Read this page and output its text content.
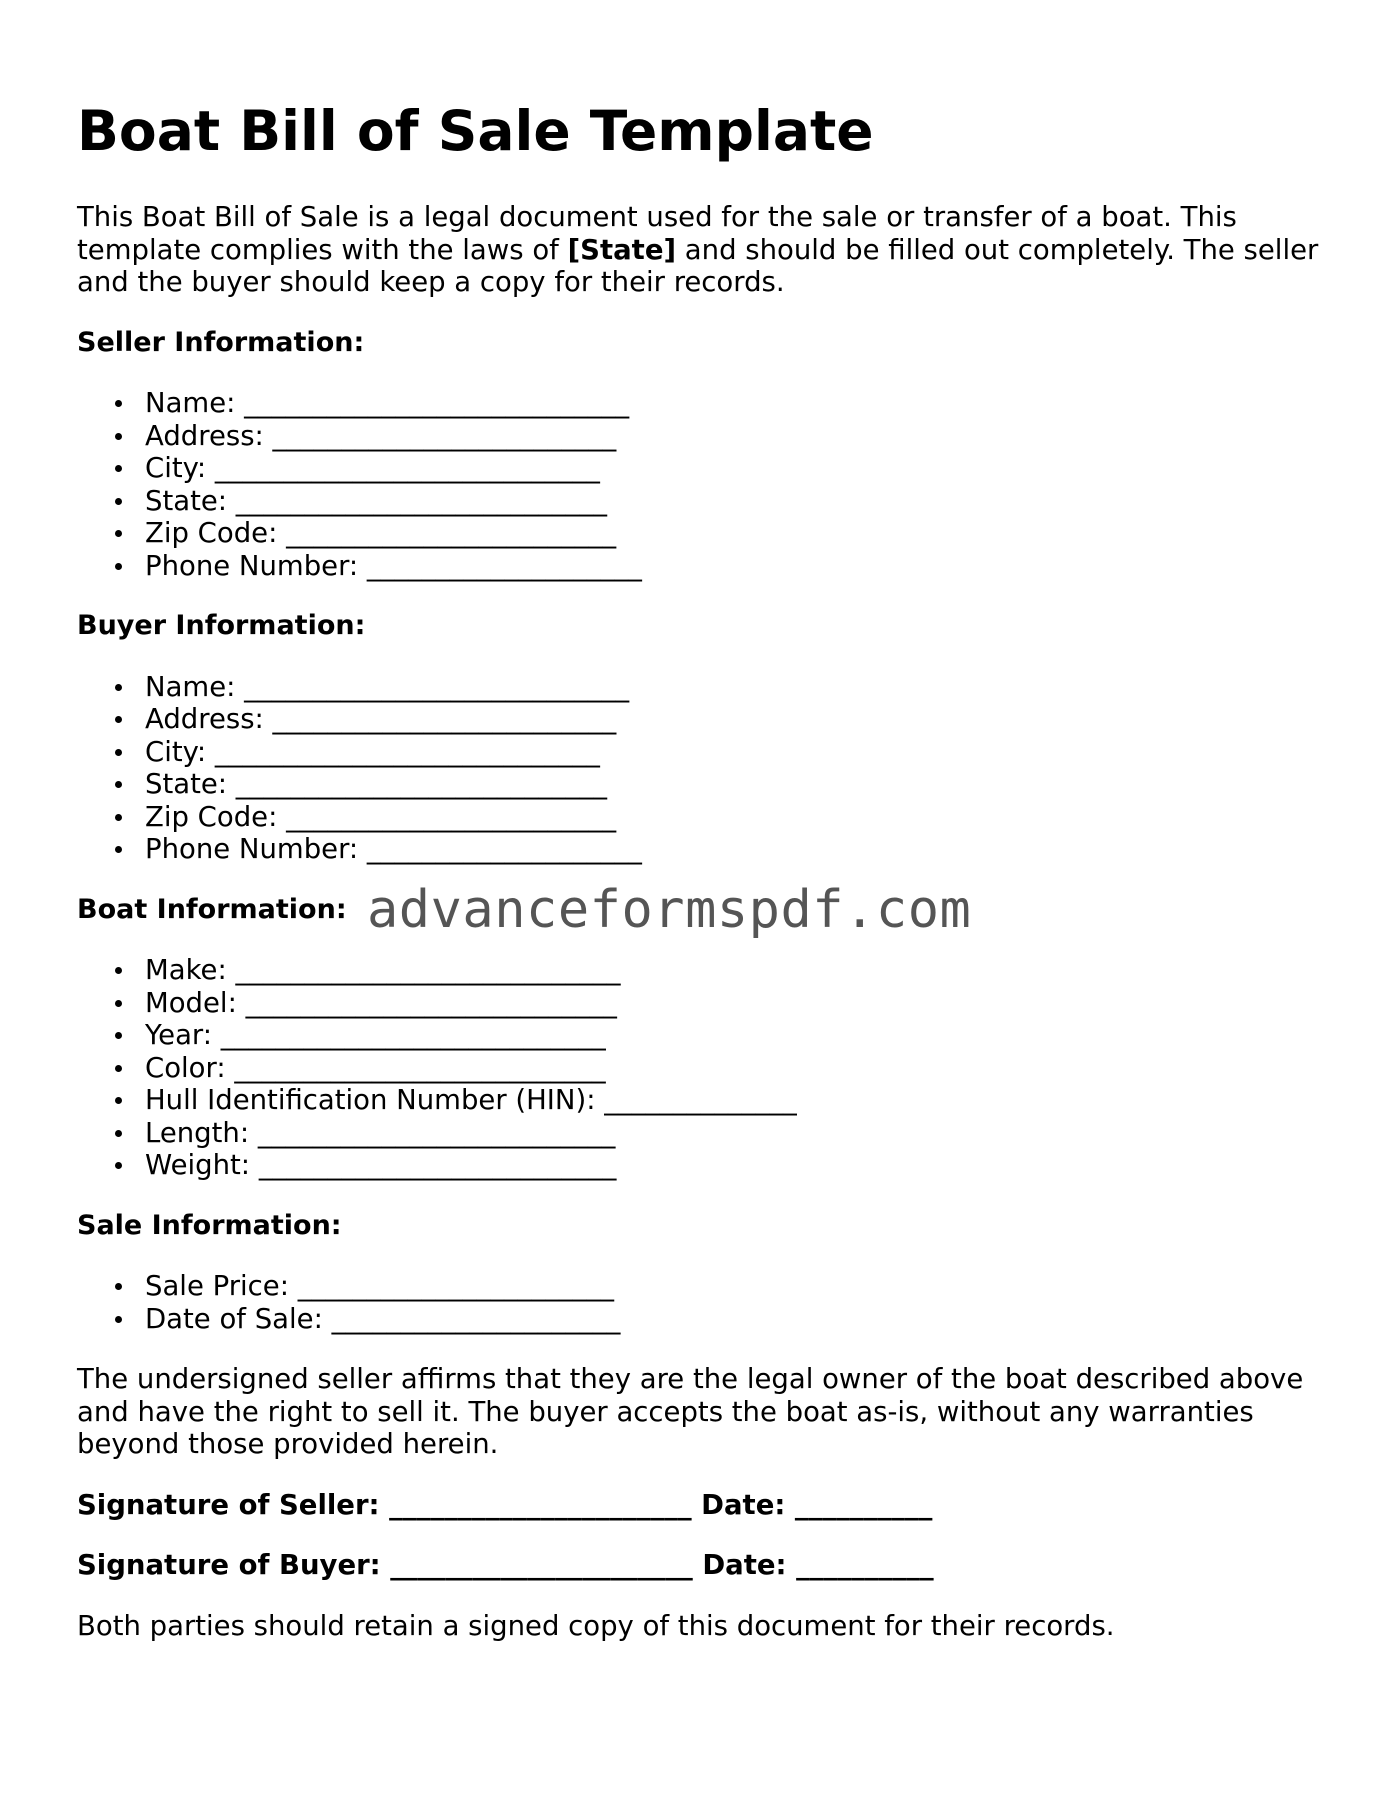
Boat Bill of Sale Template

This Boat Bill of Sale is a legal document used for the sale or transfer of a boat. This template complies with the laws of [State] and should be filled out completely. The seller and the buyer should keep a copy for their records.

Seller Information:
Name: ____________________________
Address: _________________________
City: ____________________________
State: ___________________________
Zip Code: ________________________
Phone Number: ____________________
Buyer Information:
Name: ____________________________
Address: _________________________
City: ____________________________
State: ___________________________
Zip Code: ________________________
Phone Number: ____________________
Boat Information: advanceformspdf.com
Make: ____________________________
Model: ___________________________
Year: ____________________________
Color: ___________________________
Hull Identification Number (HIN): ______________
Length: __________________________
Weight: __________________________
Sale Information:
Sale Price: _______________________
Date of Sale: _____________________

The undersigned seller affirms that they are the legal owner of the boat described above and have the right to sell it. The buyer accepts the boat as-is, without any warranties beyond those provided herein.

Signature of Seller: ______________________ Date: __________
Signature of Buyer: ______________________ Date: __________

Both parties should retain a signed copy of this document for their records.
